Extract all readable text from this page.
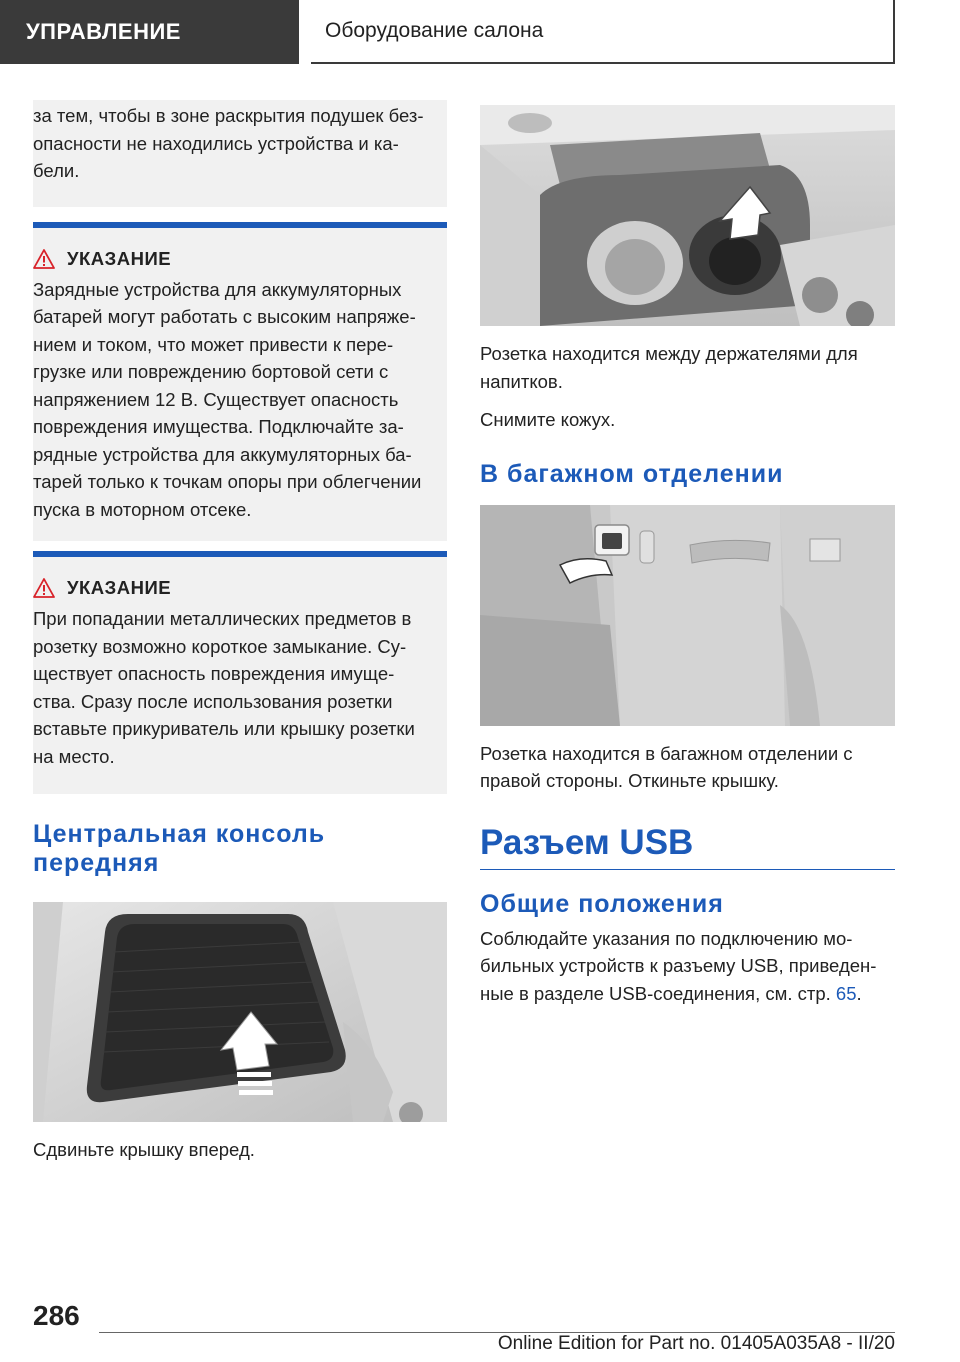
УПРАВЛЕНИЕ	Оборудование салона

за тем, чтобы в зоне раскрытия подушек без-

опасности не находились устройства и ка-

бели.

УКАЗАНИЕ

Зарядные устройства для аккумуляторных

батарей могут работать с высоким напряже-

нием и током, что может привести к пере-

грузке или повреждению бортовой сети с

напряжением 12 В. Существует опасность

повреждения имущества. Подключайте за-

рядные устройства для аккумуляторных ба-

тарей только к точкам опоры при облегчении

пуска в моторном отсеке.

УКАЗАНИЕ

При попадании металлических предметов в

розетку возможно короткое замыкание. Су-

ществует опасность повреждения имуще-

ства. Сразу после использования розетки

вставьте прикуриватель или крышку розетки

на место.

Центральная консоль передняя

Сдвиньте крышку вперед.

Розетка находится между держателями для

напитков.

Снимите кожух.

В багажном отделении

Розетка находится в багажном отделении с

правой стороны. Откиньте крышку.

Разъем USB
Общие положения

Соблюдайте указания по подключению мо-

бильных устройств к разъему USB, приведен-

ные в разделе USB-соединения, см. стр. 65.

286
Online Edition for Part no. 01405A035A8 - II/20
